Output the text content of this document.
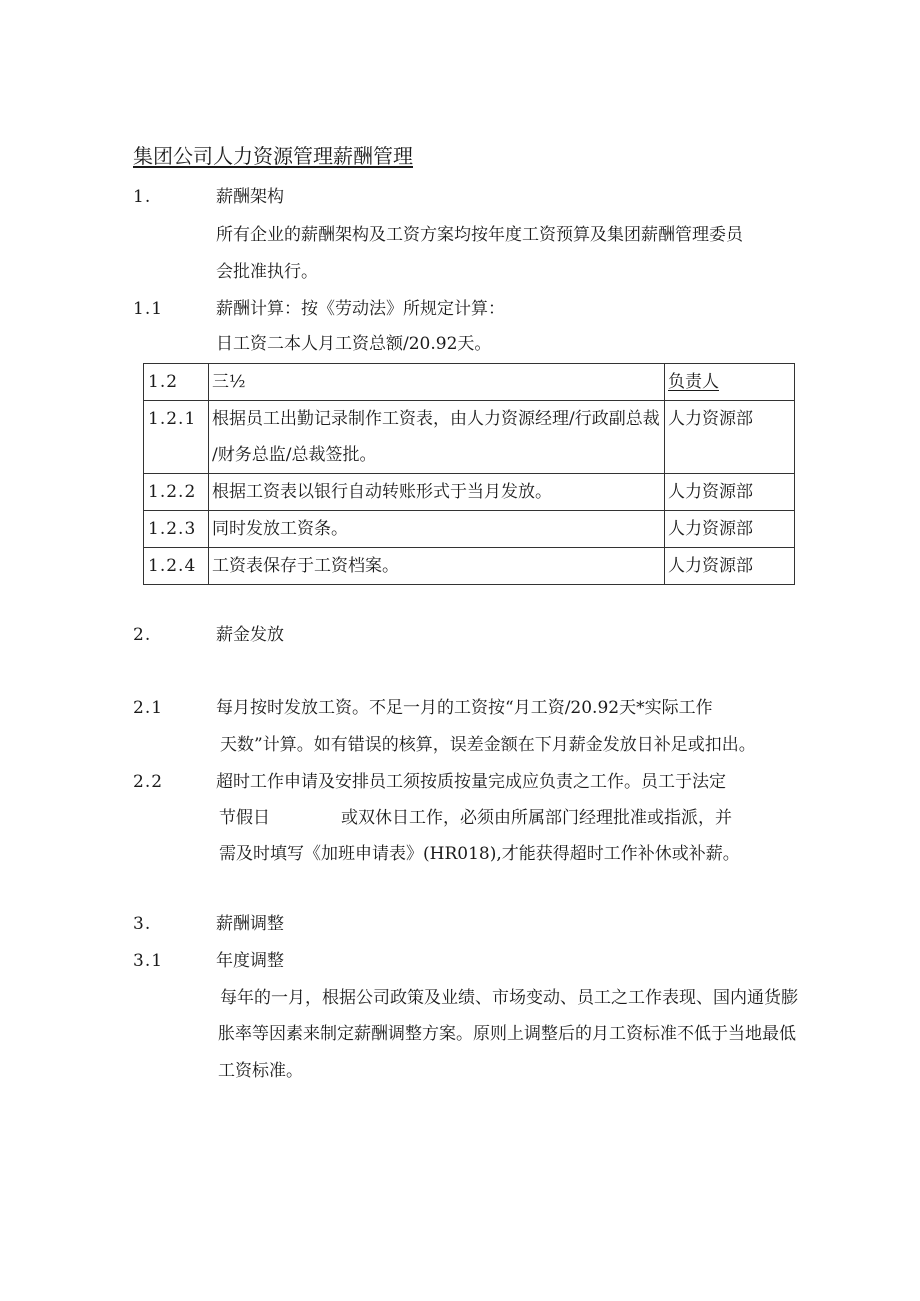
集团公司人力资源管理薪酬管理
1.	薪酬架构
所有企业的薪酬架构及工资方案均按年度工资预算及集团薪酬管理委员
会批准执行。
1.1	薪酬计算：按《劳动法》所规定计算：
日工资二本人月工资总额/20.92天。
1.2	三½	负责人
1.2.1	根据员工出勤记录制作工资表，由人力资源经理/行政副总裁
/财务总监/总裁签批。	人力资源部
1.2.2	根据工资表以银行自动转账形式于当月发放。	人力资源部
1.2.3	同时发放工资条。	人力资源部
1.2.4	工资表保存于工资档案。	人力资源部
2.	薪金发放
2.1	每月按时发放工资。不足一月的工资按“月工资/20.92天*实际工作
天数”计算。如有错误的核算，误差金额在下月薪金发放日补足或扣出。
2.2	超时工作申请及安排员工须按质按量完成应负责之工作。员工于法定
节假日	或双休日工作，必须由所属部门经理批准或指派，并
需及时填写《加班申请表》(HR018),才能获得超时工作补休或补薪。
3.	薪酬调整
3.1	年度调整
每年的一月，根据公司政策及业绩、市场变动、员工之工作表现、国内通货膨
胀率等因素来制定薪酬调整方案。原则上调整后的月工资标准不低于当地最低
工资标准。
